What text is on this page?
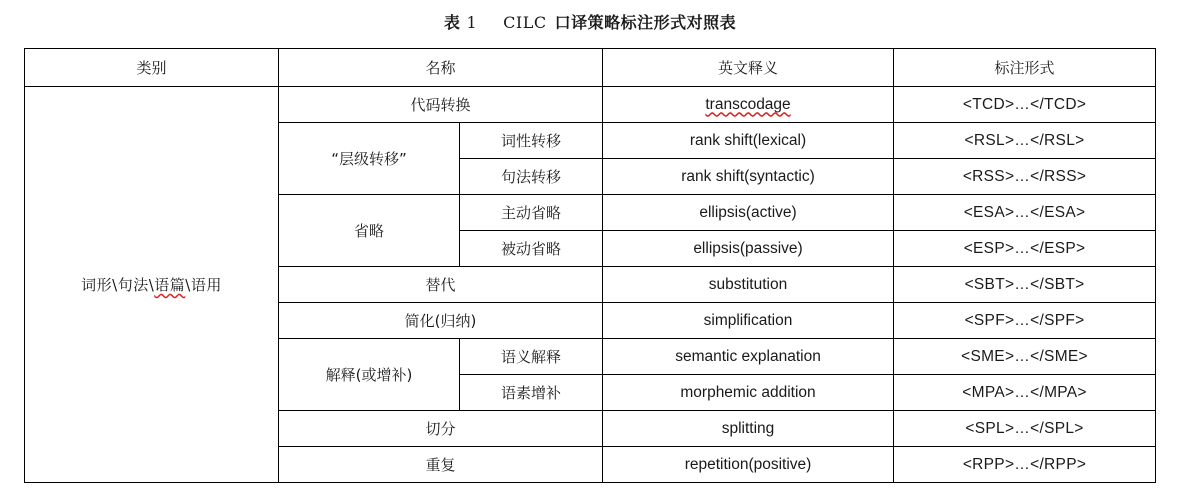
表 1 CILC 口译策略标注形式对照表
类别	名称		英文释义	标注形式
词形\句法\语篇\语用	代码转换		transcodage	<TCD>…</TCD>
	“层级转移”	词性转移	rank shift(lexical)	<RSL>…</RSL>
		句法转移	rank shift(syntactic)	<RSS>…</RSS>
	省略	主动省略	ellipsis(active)	<ESA>…</ESA>
		被动省略	ellipsis(passive)	<ESP>…</ESP>
	替代		substitution	<SBT>…</SBT>
	简化(归纳)		simplification	<SPF>…</SPF>
	解释(或增补)	语义解释	semantic explanation	<SME>…</SME>
		语素增补	morphemic addition	<MPA>…</MPA>
	切分		splitting	<SPL>…</SPL>
	重复		repetition(positive)	<RPP>…</RPP>
